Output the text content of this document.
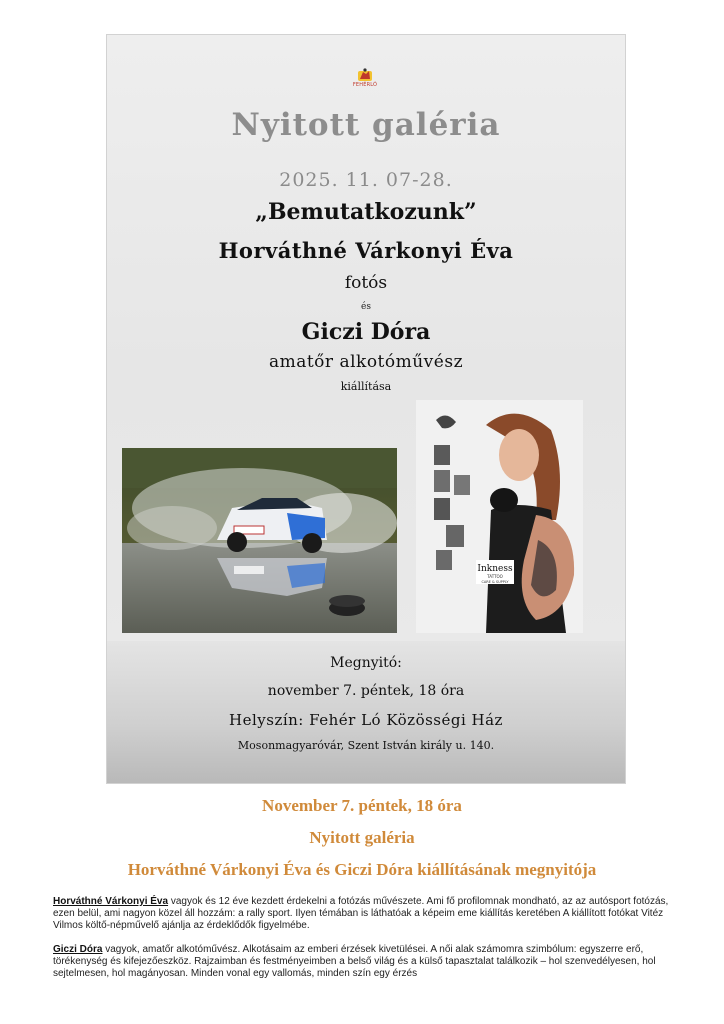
FEHÉRLÓ
Nyitott galéria
2025. 11. 07-28.
„Bemutatkozunk”
Horváthné Várkonyi Éva
fotós
és
Giczi Dóra
amatőr alkotóművész
kiállítása
Inkness
TATTOO
CARE & SUPPLY
Megnyitó:
november 7. péntek, 18 óra
Helyszín: Fehér Ló Közösségi Ház
Mosonmagyaróvár, Szent István király u. 140.
November 7. péntek, 18 óra
Nyitott galéria
Horváthné Várkonyi Éva és Giczi Dóra kiállításának megnyitója
Horváthné Várkonyi Éva vagyok és 12 éve kezdett érdekelni a fotózás művészete. Ami fő profilomnak mondható, az az autósport fotózás, ezen belül, ami nagyon közel áll hozzám: a rally sport. Ilyen témában is láthatóak a képeim eme kiállítás keretében A kiállított fotókat Vitéz Vilmos költő-népművelő ajánlja az érdeklődők figyelmébe.
Giczi Dóra vagyok, amatőr alkotóművész. Alkotásaim az emberi érzések kivetülései. A női alak számomra szimbólum: egyszerre erő, törékenység és kifejezőeszköz. Rajzaimban és festményeimben a belső világ és a külső tapasztalat találkozik – hol szenvedélyesen, hol sejtelmesen, hol magányosan. Minden vonal egy vallomás, minden szín egy érzés
